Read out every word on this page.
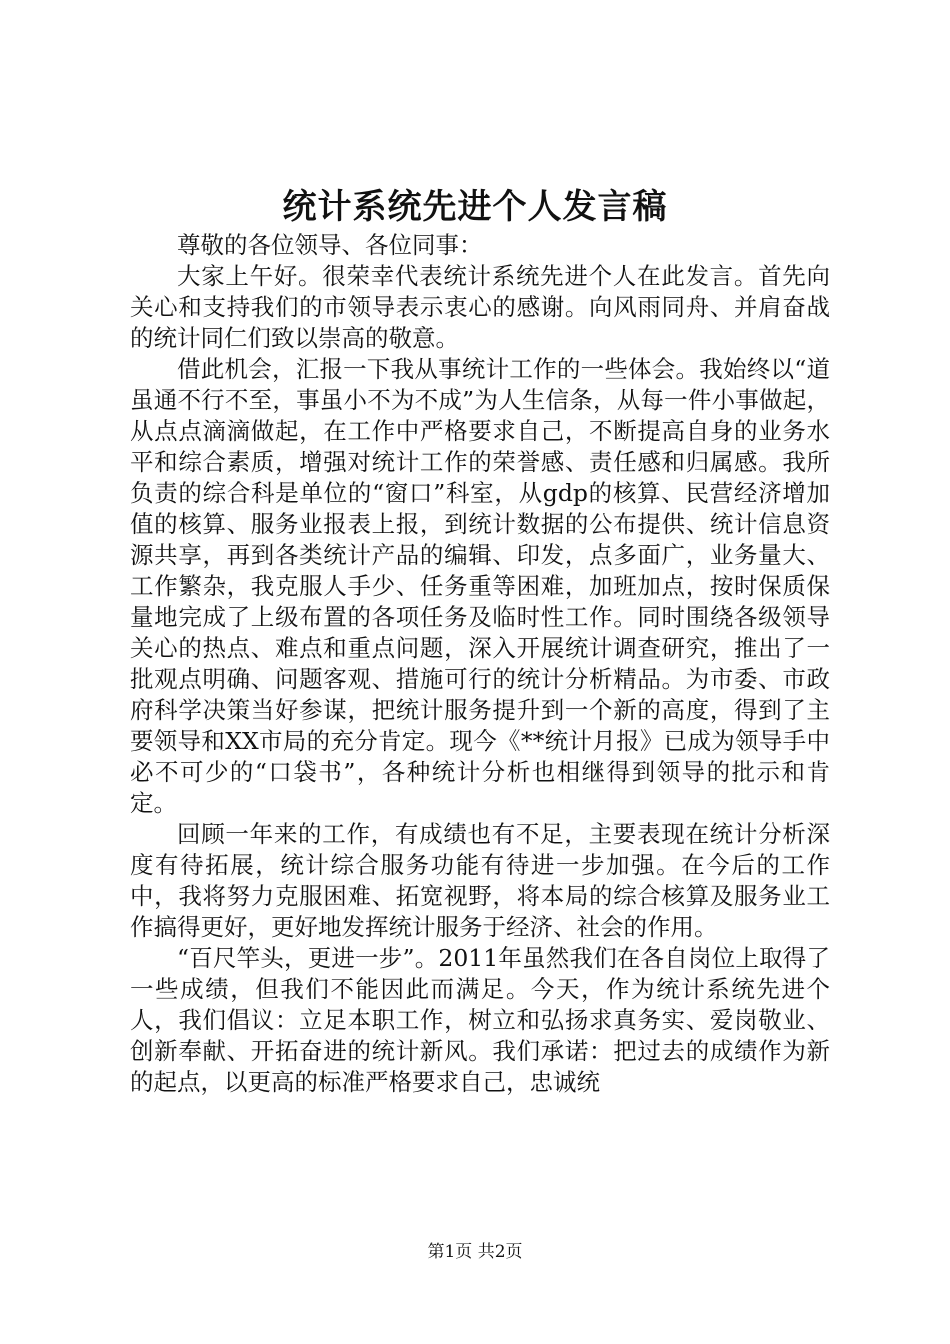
统计系统先进个人发言稿

尊敬的各位领导、各位同事：

大家上午好。很荣幸代表统计系统先进个人在此发言。首先向关心和支持我们的市领导表示衷心的感谢。向风雨同舟、并肩奋战的统计同仁们致以崇高的敬意。

借此机会，汇报一下我从事统计工作的一些体会。我始终以“道虽通不行不至，事虽小不为不成”为人生信条，从每一件小事做起，从点点滴滴做起，在工作中严格要求自己，不断提高自身的业务水平和综合素质，增强对统计工作的荣誉感、责任感和归属感。我所负责的综合科是单位的“窗口”科室，从gdp的核算、民营经济增加值的核算、服务业报表上报，到统计数据的公布提供、统计信息资源共享，再到各类统计产品的编辑、印发，点多面广，业务量大、工作繁杂，我克服人手少、任务重等困难，加班加点，按时保质保量地完成了上级布置的各项任务及临时性工作。同时围绕各级领导关心的热点、难点和重点问题，深入开展统计调查研究，推出了一批观点明确、问题客观、措施可行的统计分析精品。为市委、市政府科学决策当好参谋，把统计服务提升到一个新的高度，得到了主要领导和XX市局的充分肯定。现今《**统计月报》已成为领导手中必不可少的“口袋书”，各种统计分析也相继得到领导的批示和肯定。

回顾一年来的工作，有成绩也有不足，主要表现在统计分析深度有待拓展，统计综合服务功能有待进一步加强。在今后的工作中，我将努力克服困难、拓宽视野，将本局的综合核算及服务业工作搞得更好，更好地发挥统计服务于经济、社会的作用。

“百尺竿头，更进一步”。2011年虽然我们在各自岗位上取得了一些成绩，但我们不能因此而满足。今天，作为统计系统先进个人，我们倡议：立足本职工作，树立和弘扬求真务实、爱岗敬业、创新奉献、开拓奋进的统计新风。我们承诺：把过去的成绩作为新的起点，以更高的标准严格要求自己，忠诚统

第1页 共2页
